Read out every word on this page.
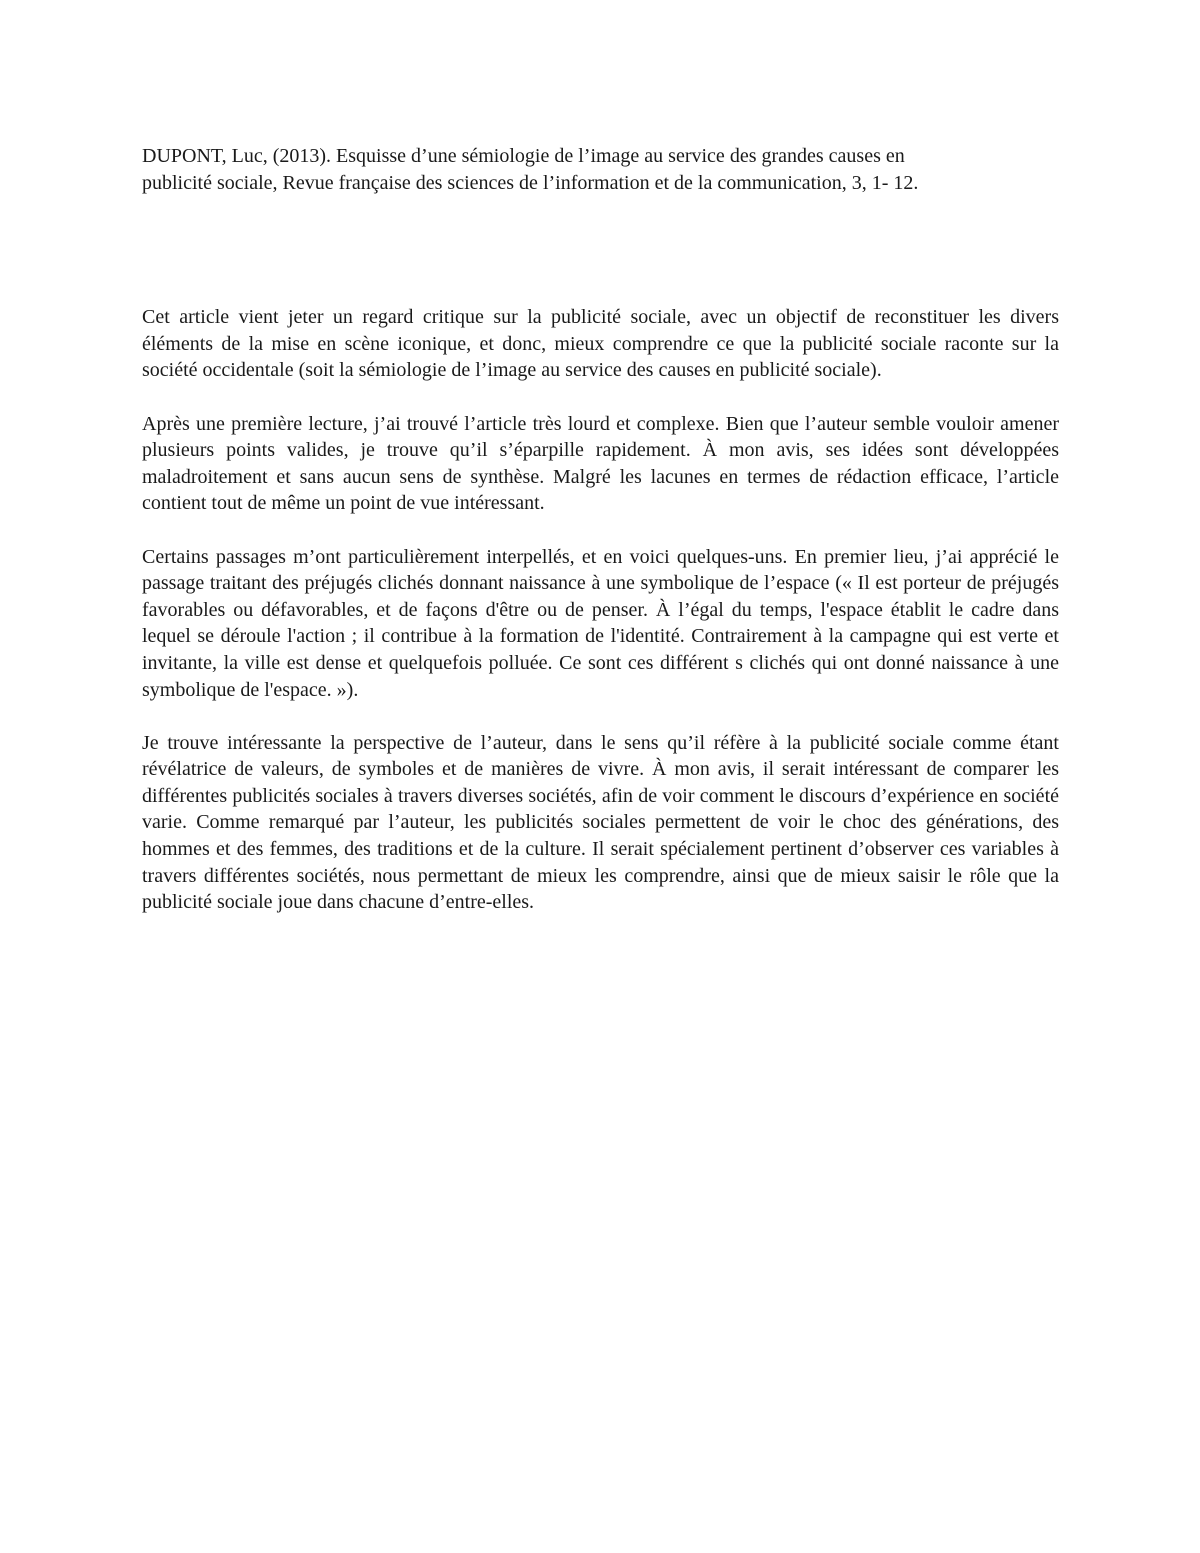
DUPONT, Luc, (2013). Esquisse d’une sémiologie de l’image au service des grandes causes en
publicité sociale, Revue française des sciences de l’information et de la communication, 3, 1- 12.

Cet article vient jeter un regard critique sur la publicité sociale, avec un objectif de reconstituer les divers éléments de la mise en scène iconique, et donc, mieux comprendre ce que la publicité sociale raconte sur la société occidentale (soit la sémiologie de l’image au service des causes en publicité sociale).

Après une première lecture, j’ai trouvé l’article très lourd et complexe. Bien que l’auteur semble vouloir amener plusieurs points valides, je trouve qu’il s’éparpille rapidement. À mon avis, ses idées sont développées maladroitement et sans aucun sens de synthèse. Malgré les lacunes en termes de rédaction efficace, l’article contient tout de même un point de vue intéressant.

Certains passages m’ont particulièrement interpellés, et en voici quelques-uns. En premier lieu, j’ai apprécié le passage traitant des préjugés clichés donnant naissance à une symbolique de l’espace (« Il est porteur de préjugés favorables ou défavorables, et de façons d'être ou de penser. À l’égal du temps, l'espace établit le cadre dans lequel se déroule l'action ; il contribue à la formation de l'identité. Contrairement à la campagne qui est verte et invitante, la ville est dense et quelquefois polluée. Ce sont ces différent s clichés qui ont donné naissance à une symbolique de l'espace. »).

Je trouve intéressante la perspective de l’auteur, dans le sens qu’il réfère à la publicité sociale comme étant révélatrice de valeurs, de symboles et de manières de vivre. À mon avis, il serait intéressant de comparer les différentes publicités sociales à travers diverses sociétés, afin de voir comment le discours d’expérience en société varie. Comme remarqué par l’auteur, les publicités sociales permettent de voir le choc des générations, des hommes et des femmes, des traditions et de la culture. Il serait spécialement pertinent d’observer ces variables à travers différentes sociétés, nous permettant de mieux les comprendre, ainsi que de mieux saisir le rôle que la publicité sociale joue dans chacune d’entre-elles.
